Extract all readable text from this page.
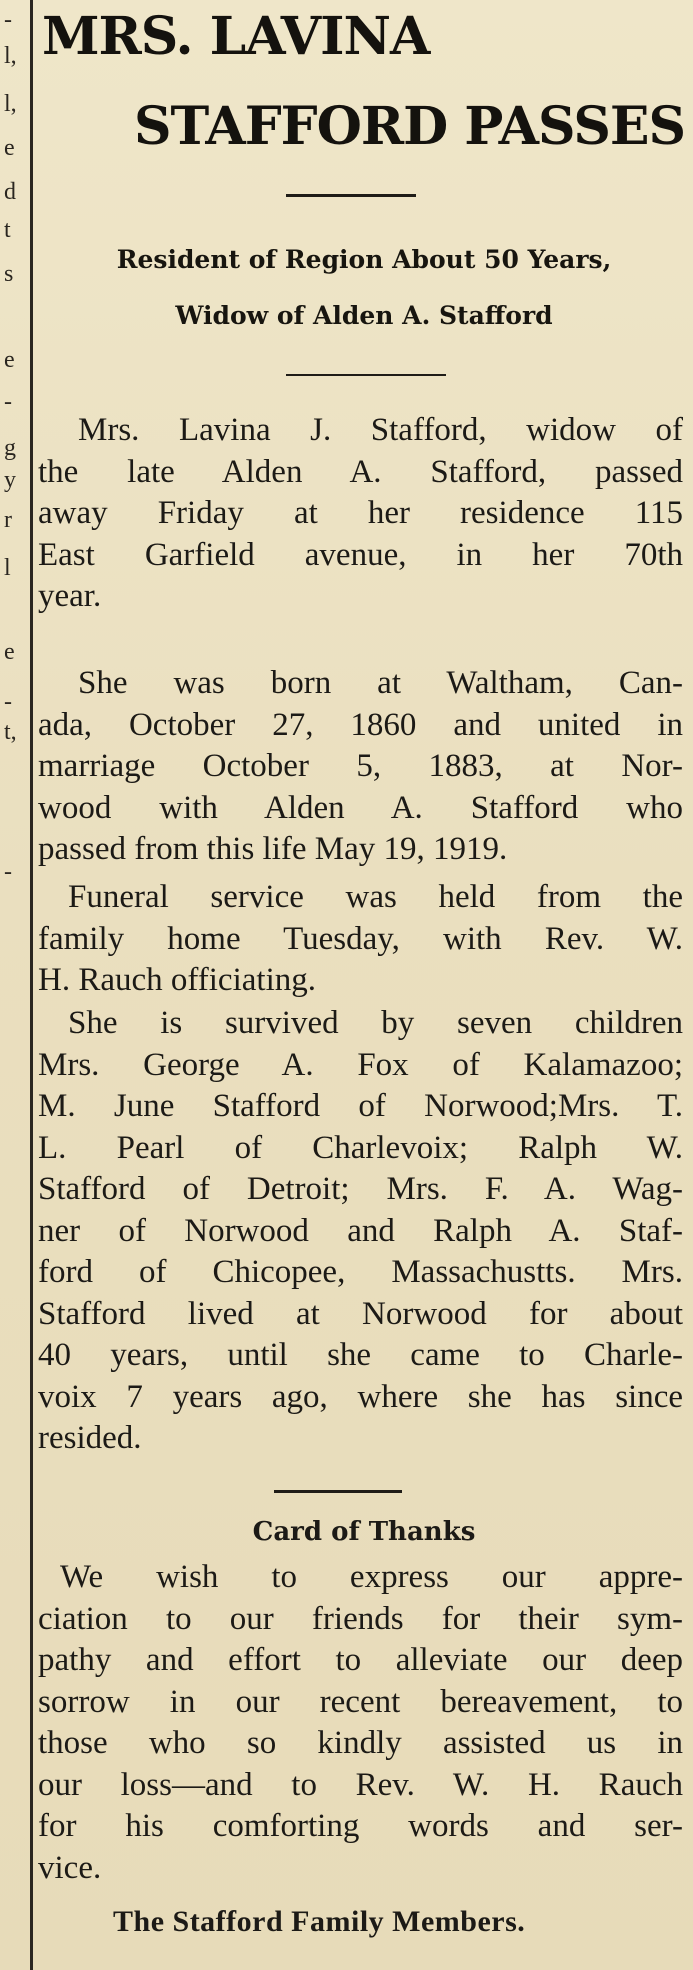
-
l,
l,
e
d
t
s
e
-
g
y
r
l
e
-
t,
-
MRS. LAVINA
STAFFORD PASSES
Resident of Region About 50 Years,
Widow of Alden A. Stafford
Mrs. Lavina J. Stafford, widow of
the late Alden A. Stafford, passed
away Friday at her residence 115
East Garfield avenue, in her 70th
year.
She was born at Waltham, Can-
ada, October 27, 1860 and united in
marriage October 5, 1883, at Nor-
wood with Alden A. Stafford who
passed from this life May 19, 1919.
Funeral service was held from the
family home Tuesday, with Rev. W.
H. Rauch officiating.
She is survived by seven children
Mrs. George A. Fox of Kalamazoo;
M. June Stafford of Norwood;Mrs. T.
L. Pearl of Charlevoix; Ralph W.
Stafford of Detroit; Mrs. F. A. Wag-
ner of Norwood and Ralph A. Staf-
ford of Chicopee, Massachustts. Mrs.
Stafford lived at Norwood for about
40 years, until she came to Charle-
voix 7 years ago, where she has since
resided.
Card of Thanks
We wish to express our appre-
ciation to our friends for their sym-
pathy and effort to alleviate our deep
sorrow in our recent bereavement, to
those who so kindly assisted us in
our loss—and to Rev. W. H. Rauch
for his comforting words and ser-
vice.
The Stafford Family Members.
